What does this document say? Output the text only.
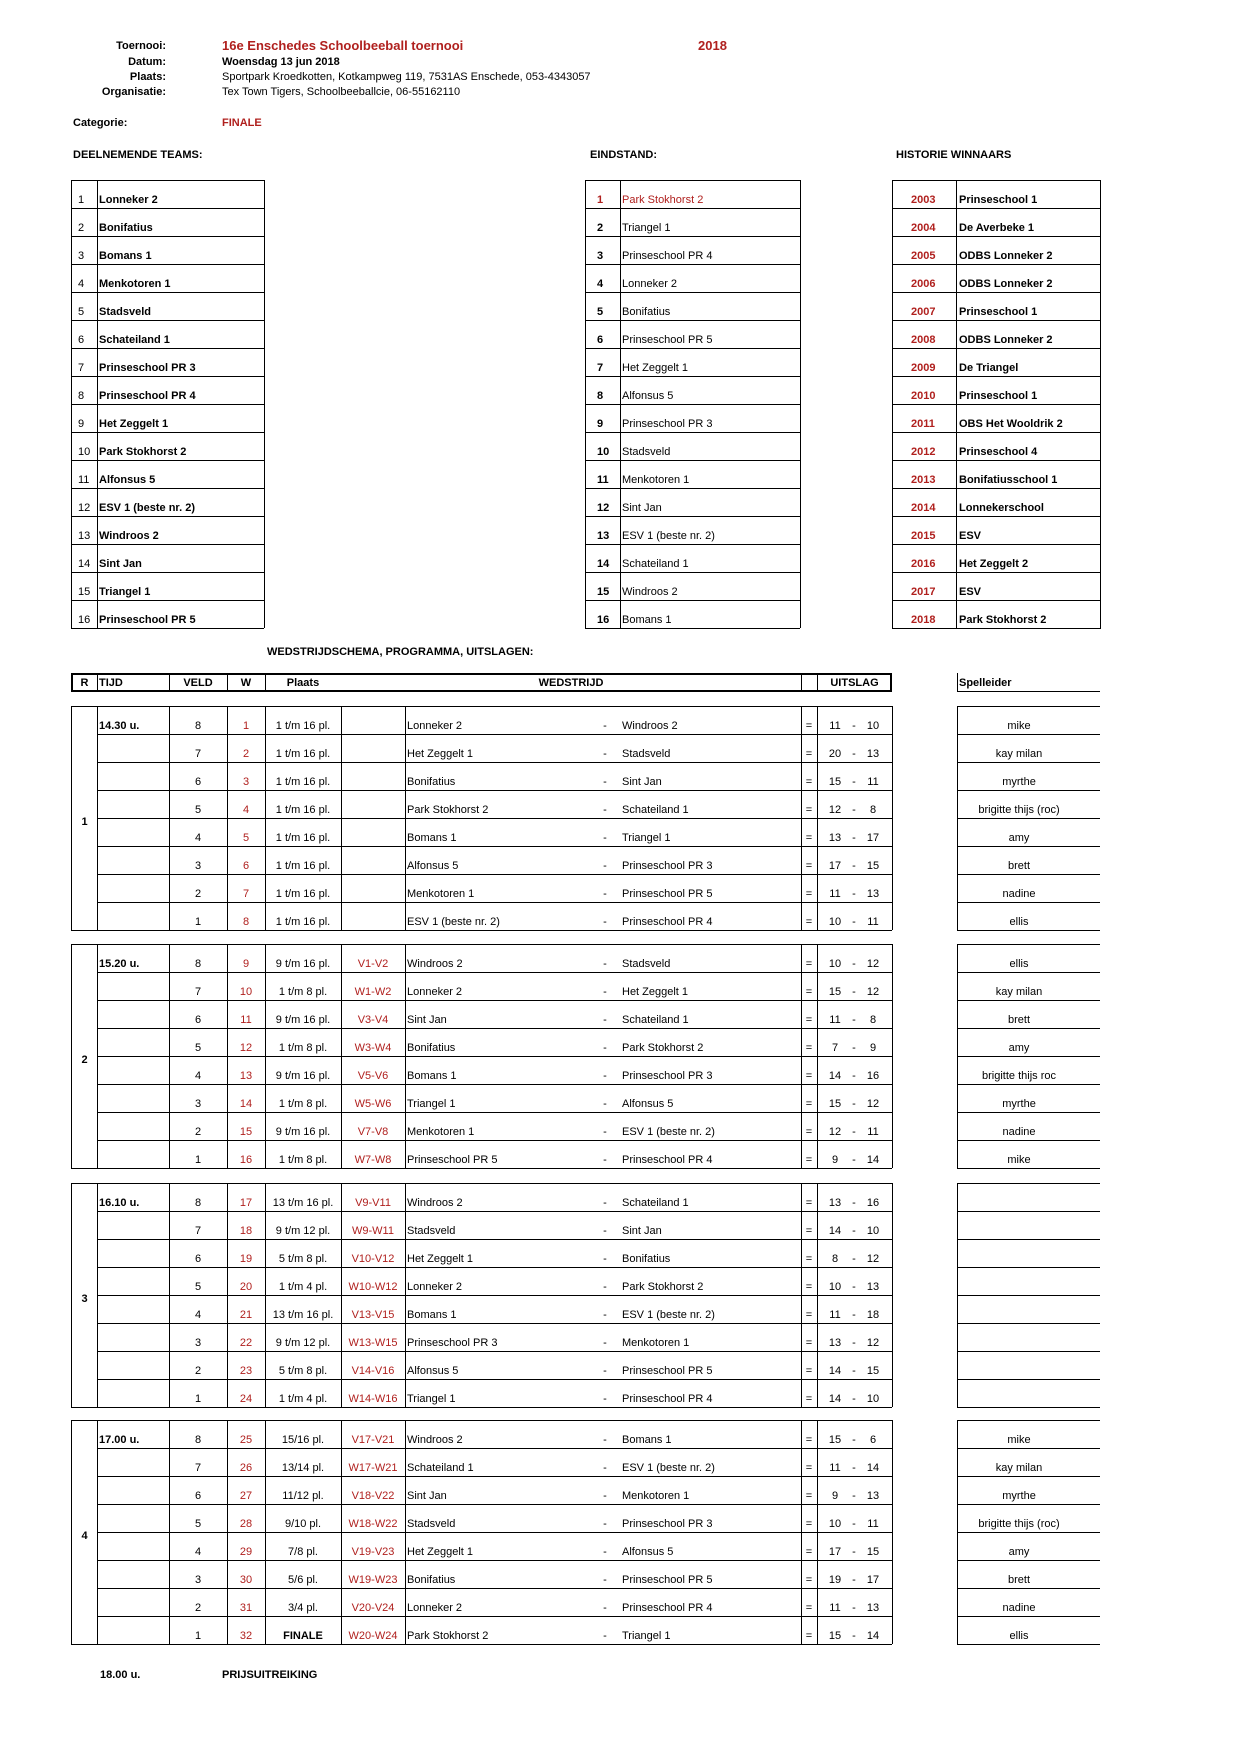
Toernooi:	16e Enschedes Schoolbeeball toernooi	2018
Datum:	Woensdag 13 jun 2018
Plaats:	Sportpark Kroedkotten, Kotkampweg 119, 7531AS Enschede, 053-4343057
Organisatie:	Tex Town Tigers, Schoolbeeballcie, 06-55162110
Categorie:	FINALE
DEELNEMENDE TEAMS:	EINDSTAND:	HISTORIE WINNAARS
1 Lonneker 2	1 Park Stokhorst 2	2003 Prinseschool 1
2 Bonifatius	2 Triangel 1	2004 De Averbeke 1
3 Bomans 1	3 Prinseschool PR 4	2005 ODBS Lonneker 2
4 Menkotoren 1	4 Lonneker 2	2006 ODBS Lonneker 2
5 Stadsveld	5 Bonifatius	2007 Prinseschool 1
6 Schateiland 1	6 Prinseschool PR 5	2008 ODBS Lonneker 2
7 Prinseschool PR 3	7 Het Zeggelt 1	2009 De Triangel
8 Prinseschool PR 4	8 Alfonsus 5	2010 Prinseschool 1
9 Het Zeggelt 1	9 Prinseschool PR 3	2011 OBS Het Wooldrik 2
10 Park Stokhorst 2	10 Stadsveld	2012 Prinseschool 4
11 Alfonsus 5	11 Menkotoren 1	2013 Bonifatiusschool 1
12 ESV 1 (beste nr. 2)	12 Sint Jan	2014 Lonnekerschool
13 Windroos 2	13 ESV 1 (beste nr. 2)	2015 ESV
14 Sint Jan	14 Schateiland 1	2016 Het Zeggelt 2
15 Triangel 1	15 Windroos 2	2017 ESV
16 Prinseschool PR 5	16 Bomans 1	2018 Park Stokhorst 2
WEDSTRIJDSCHEMA, PROGRAMMA, UITSLAGEN:
R TIJD	VELD	W	Plaats	WEDSTRIJD	UITSLAG	Spelleider
1
14.30 u.	8	1	1 t/m 16 pl.	Lonneker 2	- Windroos 2	=	11	-	10	mike
7	2	1 t/m 16 pl.	Het Zeggelt 1	- Stadsveld	=	20	-	13	kay milan
6	3	1 t/m 16 pl.	Bonifatius	- Sint Jan	=	15	-	11	myrthe
5	4	1 t/m 16 pl.	Park Stokhorst 2	- Schateiland 1	=	12	-	8	brigitte thijs (roc)
4	5	1 t/m 16 pl.	Bomans 1	- Triangel 1	=	13	-	17	amy
3	6	1 t/m 16 pl.	Alfonsus 5	- Prinseschool PR 3	=	17	-	15	brett
2	7	1 t/m 16 pl.	Menkotoren 1	- Prinseschool PR 5	=	11	-	13	nadine
1	8	1 t/m 16 pl.	ESV 1 (beste nr. 2)	- Prinseschool PR 4	=	10	-	11	ellis
2
15.20 u.	8	9	9 t/m 16 pl.	V1-V2	Windroos 2	- Stadsveld	=	10	-	12	ellis
7	10	1 t/m 8 pl.	W1-W2	Lonneker 2	- Het Zeggelt 1	=	15	-	12	kay milan
6	11	9 t/m 16 pl.	V3-V4	Sint Jan	- Schateiland 1	=	11	-	8	brett
5	12	1 t/m 8 pl.	W3-W4	Bonifatius	- Park Stokhorst 2	=	7	-	9	amy
4	13	9 t/m 16 pl.	V5-V6	Bomans 1	- Prinseschool PR 3	=	14	-	16	brigitte thijs roc
3	14	1 t/m 8 pl.	W5-W6	Triangel 1	- Alfonsus 5	=	15	-	12	myrthe
2	15	9 t/m 16 pl.	V7-V8	Menkotoren 1	- ESV 1 (beste nr. 2)	=	12	-	11	nadine
1	16	1 t/m 8 pl.	W7-W8	Prinseschool PR 5	- Prinseschool PR 4	=	9	-	14	mike
3
16.10 u.	8	17	13 t/m 16 pl.	V9-V11	Windroos 2	- Schateiland 1	=	13	-	16
7	18	9 t/m 12 pl.	W9-W11	Stadsveld	- Sint Jan	=	14	-	10
6	19	5 t/m 8 pl.	V10-V12	Het Zeggelt 1	- Bonifatius	=	8	-	12
5	20	1 t/m 4 pl.	W10-W12 Lonneker 2	- Park Stokhorst 2	=	10	-	13
4	21	13 t/m 16 pl.	V13-V15	Bomans 1	- ESV 1 (beste nr. 2)	=	11	-	18
3	22	9 t/m 12 pl.	W13-W15 Prinseschool PR 3	- Menkotoren 1	=	13	-	12
2	23	5 t/m 8 pl.	V14-V16	Alfonsus 5	- Prinseschool PR 5	=	14	-	15
1	24	1 t/m 4 pl.	W14-W16 Triangel 1	- Prinseschool PR 4	=	14	-	10
4
17.00 u.	8	25	15/16 pl.	V17-V21	Windroos 2	- Bomans 1	=	15	-	6	mike
7	26	13/14 pl.	W17-W21 Schateiland 1	- ESV 1 (beste nr. 2)	=	11	-	14	kay milan
6	27	11/12 pl.	V18-V22	Sint Jan	- Menkotoren 1	=	9	-	13	myrthe
5	28	9/10 pl.	W18-W22 Stadsveld	- Prinseschool PR 3	=	10	-	11	brigitte thijs (roc)
4	29	7/8 pl.	V19-V23	Het Zeggelt 1	- Alfonsus 5	=	17	-	15	amy
3	30	5/6 pl.	W19-W23 Bonifatius	- Prinseschool PR 5	=	19	-	17	brett
2	31	3/4 pl.	V20-V24	Lonneker 2	- Prinseschool PR 4	=	11	-	13	nadine
1	32	FINALE	W20-W24 Park Stokhorst 2	- Triangel 1	=	15	-	14	ellis
18.00 u.	PRIJSUITREIKING
